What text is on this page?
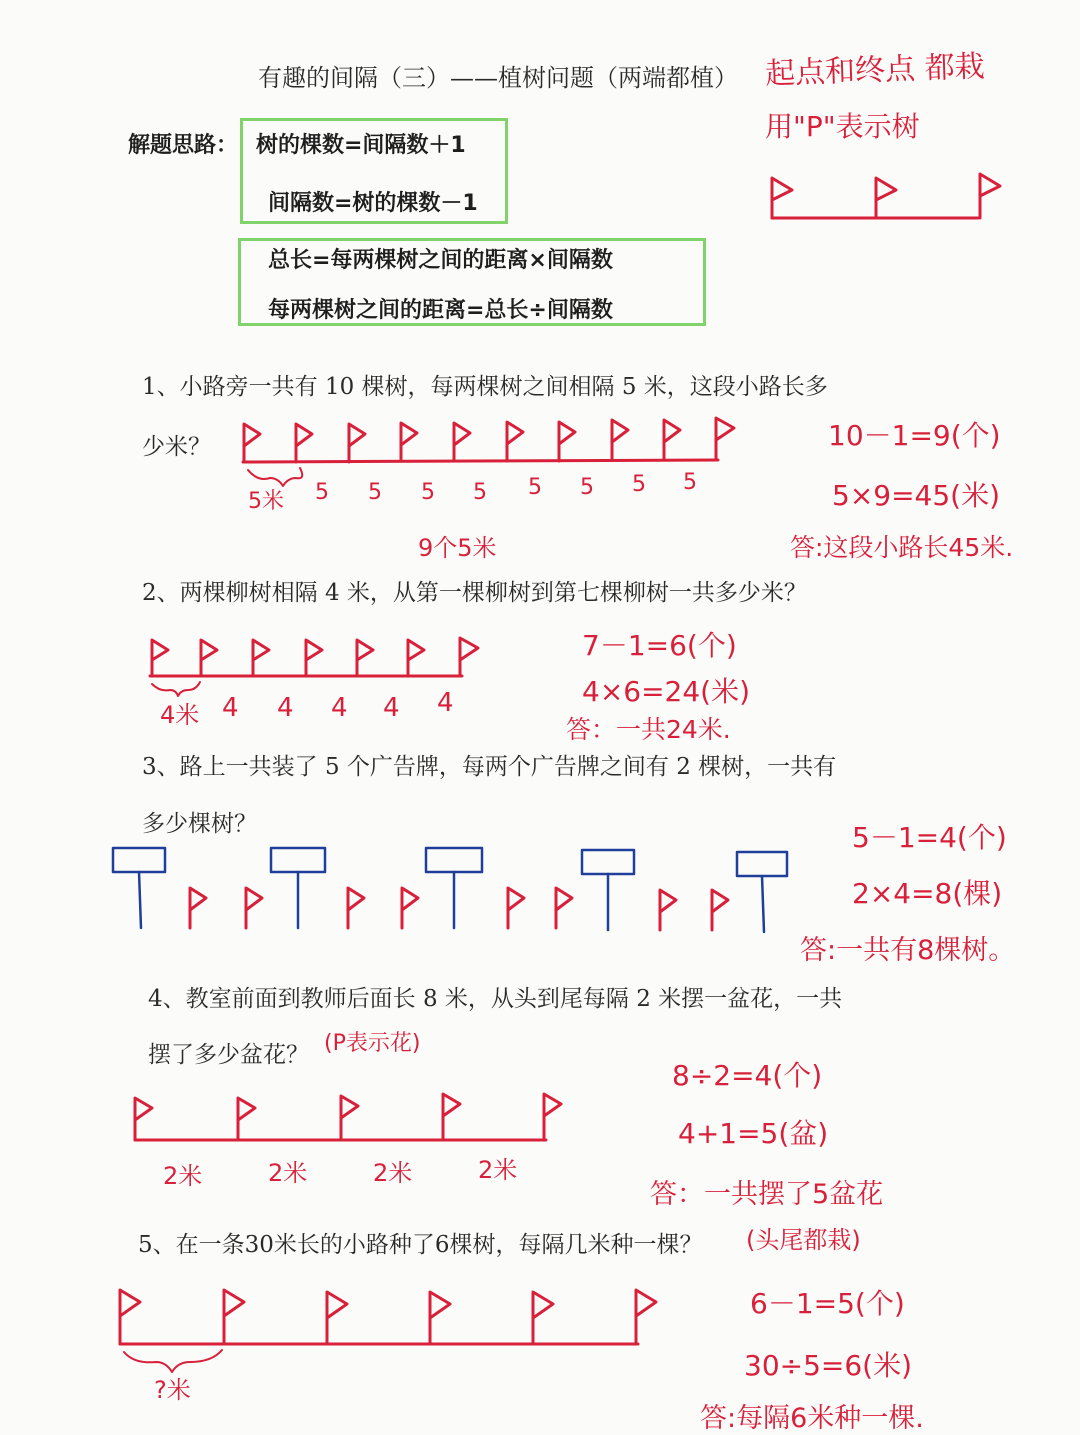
有趣的间隔（三）——植树问题（两端都植） 起点和终点 都栽
用"P"表示树
解题思路： 树的棵数=间隔数＋1
间隔数=树的棵数－1
总长=每两棵树之间的距离×间隔数
每两棵树之间的距离=总长÷间隔数
1、小路旁一共有 10 棵树，每两棵树之间相隔 5 米，这段小路长多
少米？
5米 5 5 5 5 5 5 5 5
9个5米
10－1=9(个)
5×9=45(米)
答:这段小路长45米.
2、两棵柳树相隔 4 米，从第一棵柳树到第七棵柳树一共多少米？
4米 4 4 4 4 4
7－1=6(个)
4×6=24(米)
答：一共24米.
3、路上一共装了 5 个广告牌，每两个广告牌之间有 2 棵树，一共有
多少棵树？	5－1=4(个)
2×4=8(棵)
答:一共有8棵树。
4、教室前面到教师后面长 8 米，从头到尾每隔 2 米摆一盆花，一共
摆了多少盆花？ (P表示花)
2米	2米	2米	2米
8÷2=4(个)
4+1=5(盆)
答：一共摆了5盆花
5、在一条30米长的小路种了6棵树，每隔几米种一棵？ (头尾都栽)
?米
6－1=5(个)
30÷5=6(米)
答:每隔6米种一棵.
